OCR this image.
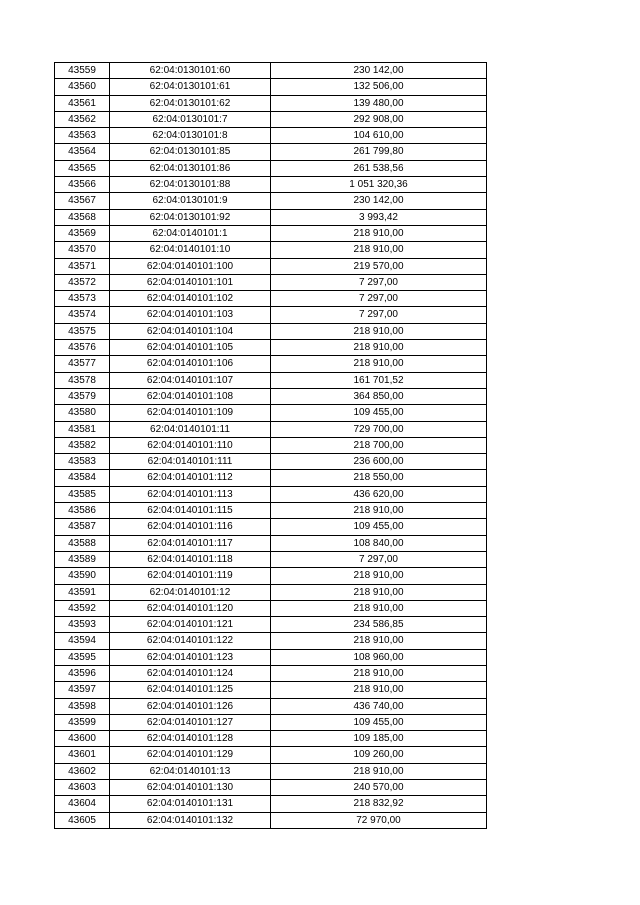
43559	62:04:0130101:60	230 142,00
43560	62:04:0130101:61	132 506,00
43561	62:04:0130101:62	139 480,00
43562	62:04:0130101:7	292 908,00
43563	62:04:0130101:8	104 610,00
43564	62:04:0130101:85	261 799,80
43565	62:04:0130101:86	261 538,56
43566	62:04:0130101:88	1 051 320,36
43567	62:04:0130101:9	230 142,00
43568	62:04:0130101:92	3 993,42
43569	62:04:0140101:1	218 910,00
43570	62:04:0140101:10	218 910,00
43571	62:04:0140101:100	219 570,00
43572	62:04:0140101:101	7 297,00
43573	62:04:0140101:102	7 297,00
43574	62:04:0140101:103	7 297,00
43575	62:04:0140101:104	218 910,00
43576	62:04:0140101:105	218 910,00
43577	62:04:0140101:106	218 910,00
43578	62:04:0140101:107	161 701,52
43579	62:04:0140101:108	364 850,00
43580	62:04:0140101:109	109 455,00
43581	62:04:0140101:11	729 700,00
43582	62:04:0140101:110	218 700,00
43583	62:04:0140101:111	236 600,00
43584	62:04:0140101:112	218 550,00
43585	62:04:0140101:113	436 620,00
43586	62:04:0140101:115	218 910,00
43587	62:04:0140101:116	109 455,00
43588	62:04:0140101:117	108 840,00
43589	62:04:0140101:118	7 297,00
43590	62:04:0140101:119	218 910,00
43591	62:04:0140101:12	218 910,00
43592	62:04:0140101:120	218 910,00
43593	62:04:0140101:121	234 586,85
43594	62:04:0140101:122	218 910,00
43595	62:04:0140101:123	108 960,00
43596	62:04:0140101:124	218 910,00
43597	62:04:0140101:125	218 910,00
43598	62:04:0140101:126	436 740,00
43599	62:04:0140101:127	109 455,00
43600	62:04:0140101:128	109 185,00
43601	62:04:0140101:129	109 260,00
43602	62:04:0140101:13	218 910,00
43603	62:04:0140101:130	240 570,00
43604	62:04:0140101:131	218 832,92
43605	62:04:0140101:132	72 970,00
